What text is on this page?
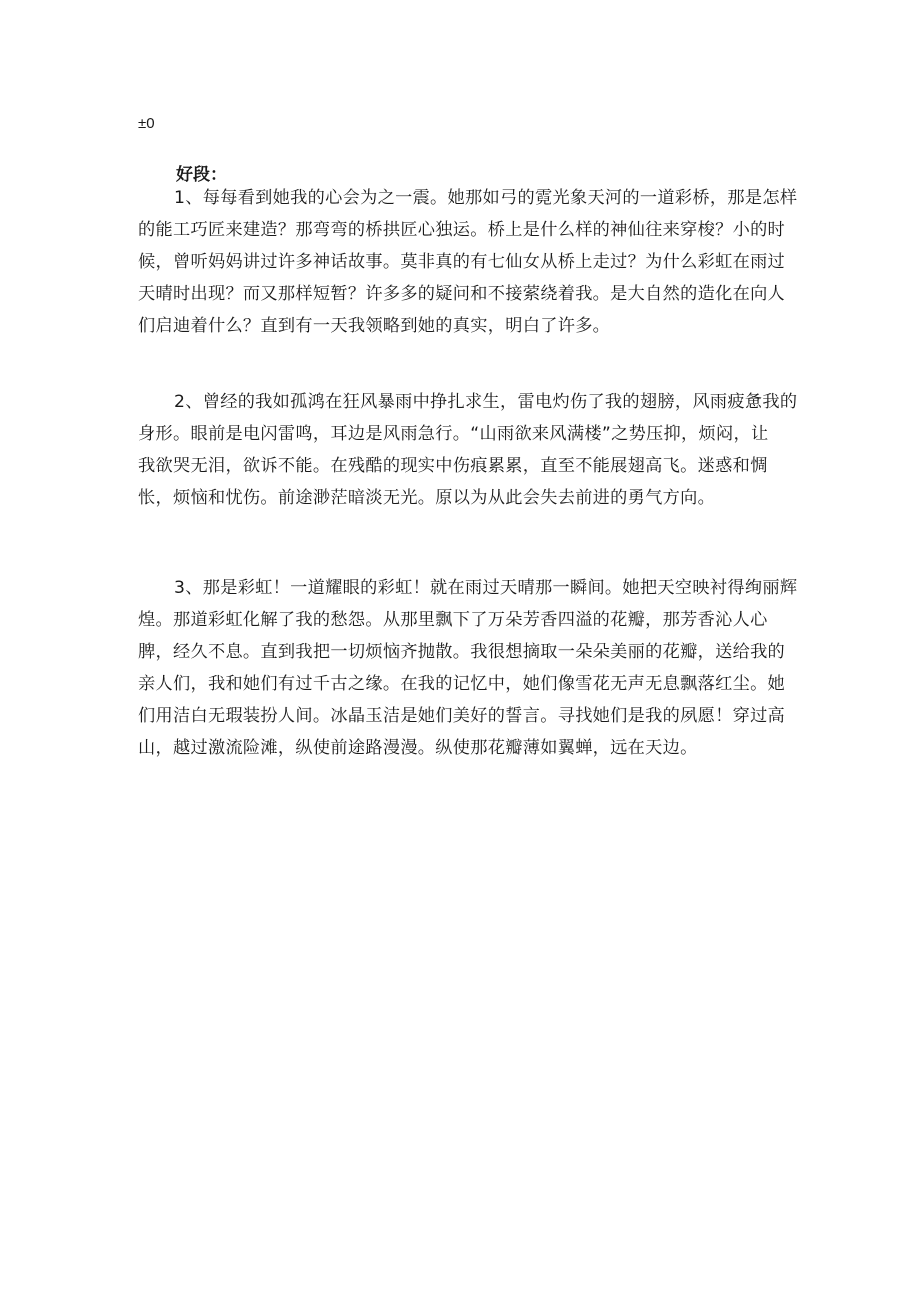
±0

好段：

1、每每看到她我的心会为之一震。她那如弓的霓光象天河的一道彩桥，那是怎样
的能工巧匠来建造？那弯弯的桥拱匠心独运。桥上是什么样的神仙往来穿梭？小的时
候，曾听妈妈讲过许多神话故事。莫非真的有七仙女从桥上走过？为什么彩虹在雨过
天晴时出现？而又那样短暂？许多多的疑问和不接萦绕着我。是大自然的造化在向人
们启迪着什么？直到有一天我领略到她的真实，明白了许多。

2、曾经的我如孤鸿在狂风暴雨中挣扎求生，雷电灼伤了我的翅膀，风雨疲惫我的
身形。眼前是电闪雷鸣，耳边是风雨急行。“山雨欲来风满楼”之势压抑，烦闷，让
我欲哭无泪，欲诉不能。在残酷的现实中伤痕累累，直至不能展翅高飞。迷惑和惆
怅，烦恼和忧伤。前途渺茫暗淡无光。原以为从此会失去前进的勇气方向。

3、那是彩虹！一道耀眼的彩虹！就在雨过天晴那一瞬间。她把天空映衬得绚丽辉
煌。那道彩虹化解了我的愁怨。从那里飘下了万朵芳香四溢的花瓣，那芳香沁人心
脾，经久不息。直到我把一切烦恼齐抛散。我很想摘取一朵朵美丽的花瓣，送给我的
亲人们，我和她们有过千古之缘。在我的记忆中，她们像雪花无声无息飘落红尘。她
们用洁白无瑕装扮人间。冰晶玉洁是她们美好的誓言。寻找她们是我的夙愿！穿过高
山，越过激流险滩，纵使前途路漫漫。纵使那花瓣薄如翼蝉，远在天边。
